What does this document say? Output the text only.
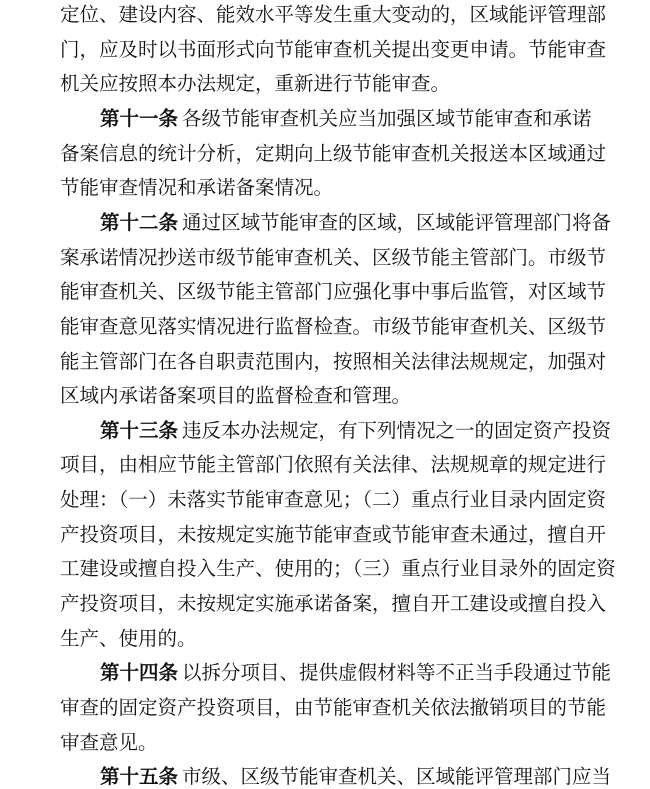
定位、建设内容、能效水平等发生重大变动的，区域能评管理部
门，应及时以书面形式向节能审查机关提出变更申请。节能审查
机关应按照本办法规定，重新进行节能审查。
第十一条 各级节能审查机关应当加强区域节能审查和承诺
备案信息的统计分析，定期向上级节能审查机关报送本区域通过
节能审查情况和承诺备案情况。
第十二条 通过区域节能审查的区域，区域能评管理部门将备
案承诺情况抄送市级节能审查机关、区级节能主管部门。市级节
能审查机关、区级节能主管部门应强化事中事后监管，对区域节
能审查意见落实情况进行监督检查。市级节能审查机关、区级节
能主管部门在各自职责范围内，按照相关法律法规规定，加强对
区域内承诺备案项目的监督检查和管理。
第十三条 违反本办法规定，有下列情况之一的固定资产投资
项目，由相应节能主管部门依照有关法律、法规规章的规定进行
处理：（一）未落实节能审查意见；（二）重点行业目录内固定资
产投资项目，未按规定实施节能审查或节能审查未通过，擅自开
工建设或擅自投入生产、使用的；（三）重点行业目录外的固定资
产投资项目，未按规定实施承诺备案，擅自开工建设或擅自投入
生产、使用的。
第十四条 以拆分项目、提供虚假材料等不正当手段通过节能
审查的固定资产投资项目，由节能审查机关依法撤销项目的节能
审查意见。
第十五条 市级、区级节能审查机关、区域能评管理部门应当
